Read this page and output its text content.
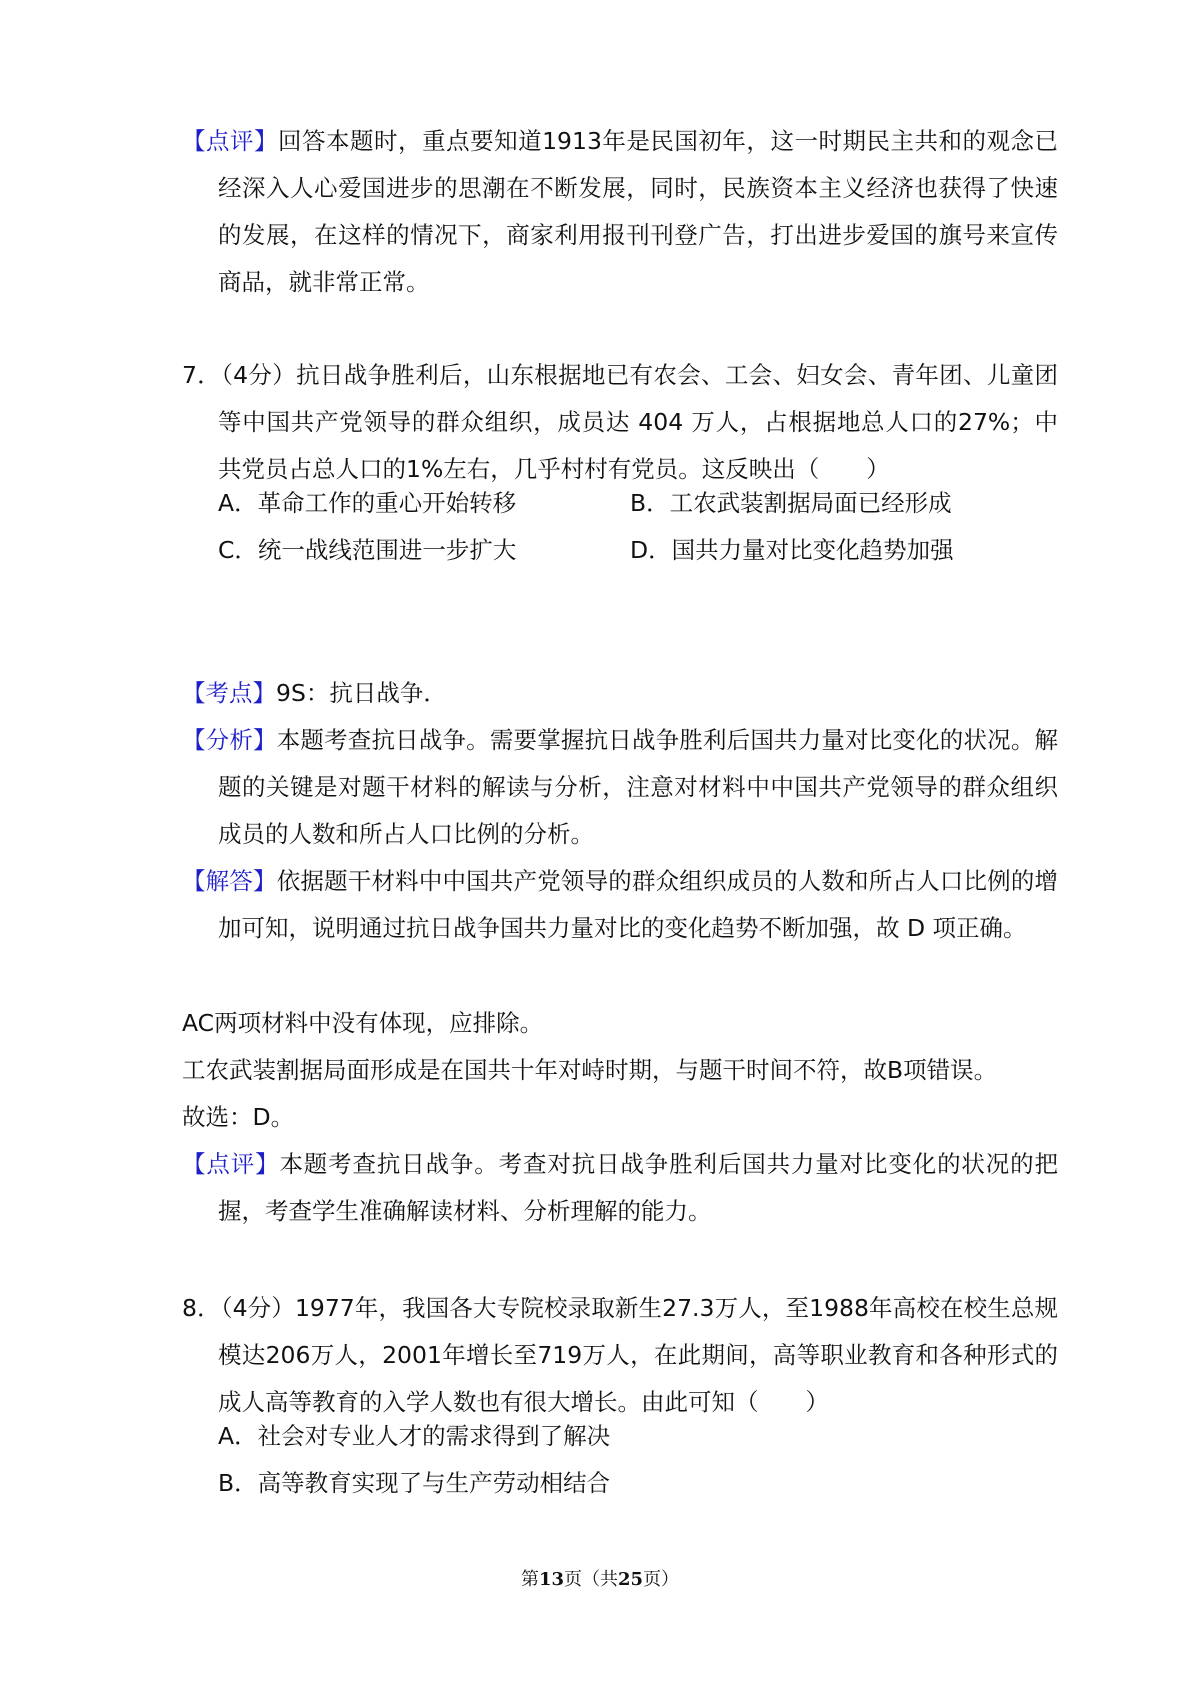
【点评】回答本题时，重点要知道1913年是民国初年，这一时期民主共和的观念已经深入人心爱国进步的思潮在不断发展，同时，民族资本主义经济也获得了快速的发展，在这样的情况下，商家利用报刊刊登广告，打出进步爱国的旗号来宣传商品，就非常正常。
7．（4分）抗日战争胜利后，山东根据地已有农会、工会、妇女会、青年团、儿童团等中国共产党领导的群众组织，成员达 404 万人，占根据地总人口的27%；中共党员占总人口的1%左右，几乎村村有党员。这反映出（　　）
A．革命工作的重心开始转移	B．工农武装割据局面已经形成
C．统一战线范围进一步扩大	D．国共力量对比变化趋势加强
【考点】9S：抗日战争．
【分析】本题考查抗日战争。需要掌握抗日战争胜利后国共力量对比变化的状况。解题的关键是对题干材料的解读与分析，注意对材料中中国共产党领导的群众组织成员的人数和所占人口比例的分析。
【解答】依据题干材料中中国共产党领导的群众组织成员的人数和所占人口比例的增加可知，说明通过抗日战争国共力量对比的变化趋势不断加强，故 D 项正确。
AC两项材料中没有体现，应排除。
工农武装割据局面形成是在国共十年对峙时期，与题干时间不符，故B项错误。
故选：D。
【点评】本题考查抗日战争。考查对抗日战争胜利后国共力量对比变化的状况的把握，考查学生准确解读材料、分析理解的能力。
8．（4分）1977年，我国各大专院校录取新生27.3万人，至1988年高校在校生总规模达206万人，2001年增长至719万人，在此期间，高等职业教育和各种形式的成人高等教育的入学人数也有很大增长。由此可知（　　）
A．社会对专业人才的需求得到了解决
B．高等教育实现了与生产劳动相结合
第13页（共25页）
